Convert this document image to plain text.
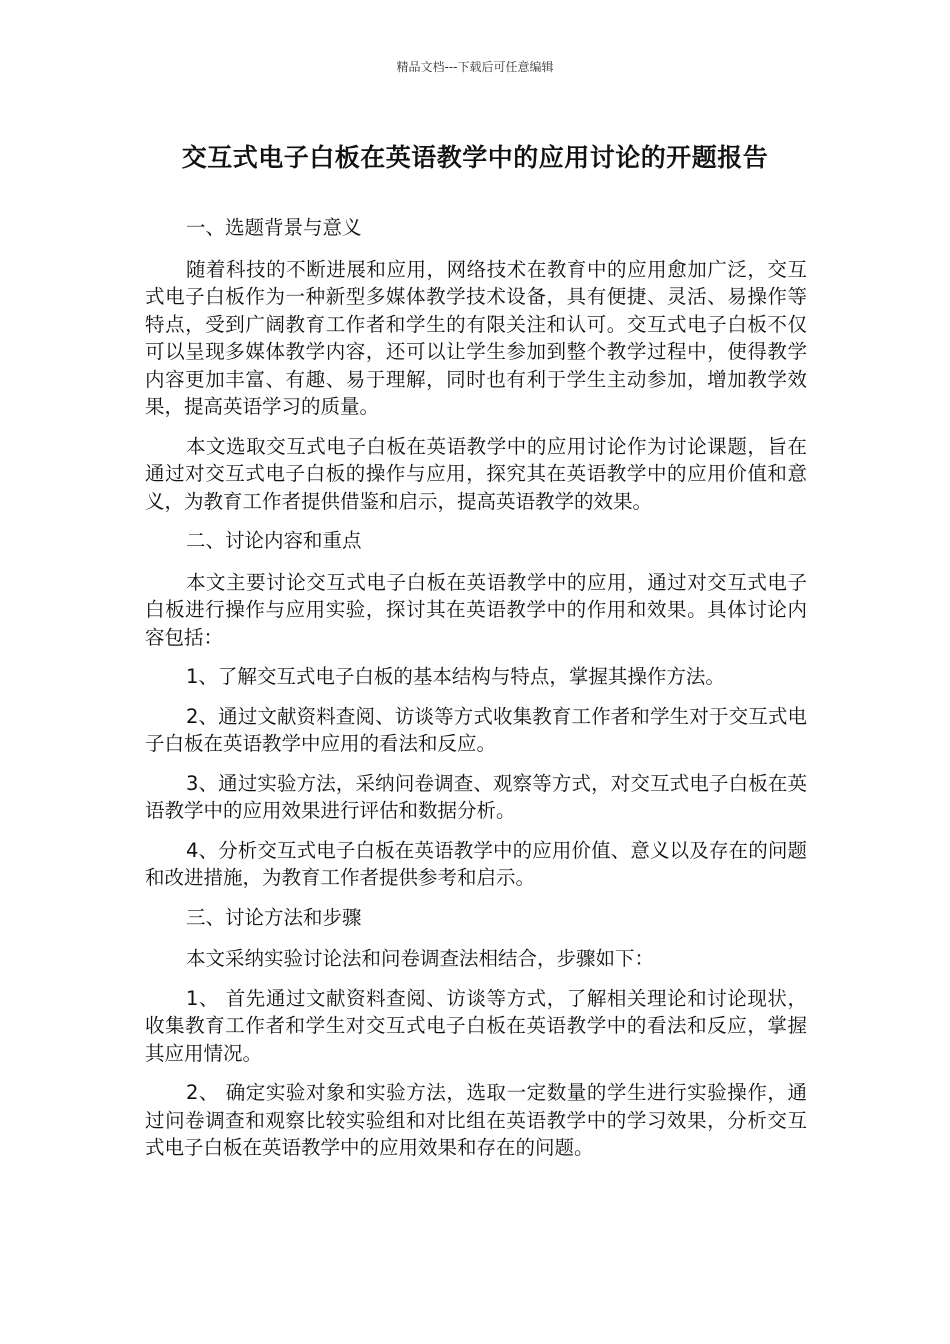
精品文档---下载后可任意编辑
交互式电子白板在英语教学中的应用讨论的开题报告

一、选题背景与意义

随着科技的不断进展和应用，网络技术在教育中的应用愈加广泛，交互式电子白板作为一种新型多媒体教学技术设备，具有便捷、灵活、易操作等特点，受到广阔教育工作者和学生的有限关注和认可。交互式电子白板不仅可以呈现多媒体教学内容，还可以让学生参加到整个教学过程中，使得教学内容更加丰富、有趣、易于理解，同时也有利于学生主动参加，增加教学效果，提高英语学习的质量。

本文选取交互式电子白板在英语教学中的应用讨论作为讨论课题，旨在通过对交互式电子白板的操作与应用，探究其在英语教学中的应用价值和意义，为教育工作者提供借鉴和启示，提高英语教学的效果。

二、讨论内容和重点

本文主要讨论交互式电子白板在英语教学中的应用，通过对交互式电子白板进行操作与应用实验，探讨其在英语教学中的作用和效果。具体讨论内容包括：

1、了解交互式电子白板的基本结构与特点，掌握其操作方法。

2、通过文献资料查阅、访谈等方式收集教育工作者和学生对于交互式电子白板在英语教学中应用的看法和反应。

3、通过实验方法，采纳问卷调查、观察等方式，对交互式电子白板在英语教学中的应用效果进行评估和数据分析。

4、分析交互式电子白板在英语教学中的应用价值、意义以及存在的问题和改进措施，为教育工作者提供参考和启示。

三、讨论方法和步骤

本文采纳实验讨论法和问卷调查法相结合，步骤如下：

1、 首先通过文献资料查阅、访谈等方式，了解相关理论和讨论现状，收集教育工作者和学生对交互式电子白板在英语教学中的看法和反应，掌握其应用情况。

2、 确定实验对象和实验方法，选取一定数量的学生进行实验操作，通过问卷调查和观察比较实验组和对比组在英语教学中的学习效果，分析交互式电子白板在英语教学中的应用效果和存在的问题。
